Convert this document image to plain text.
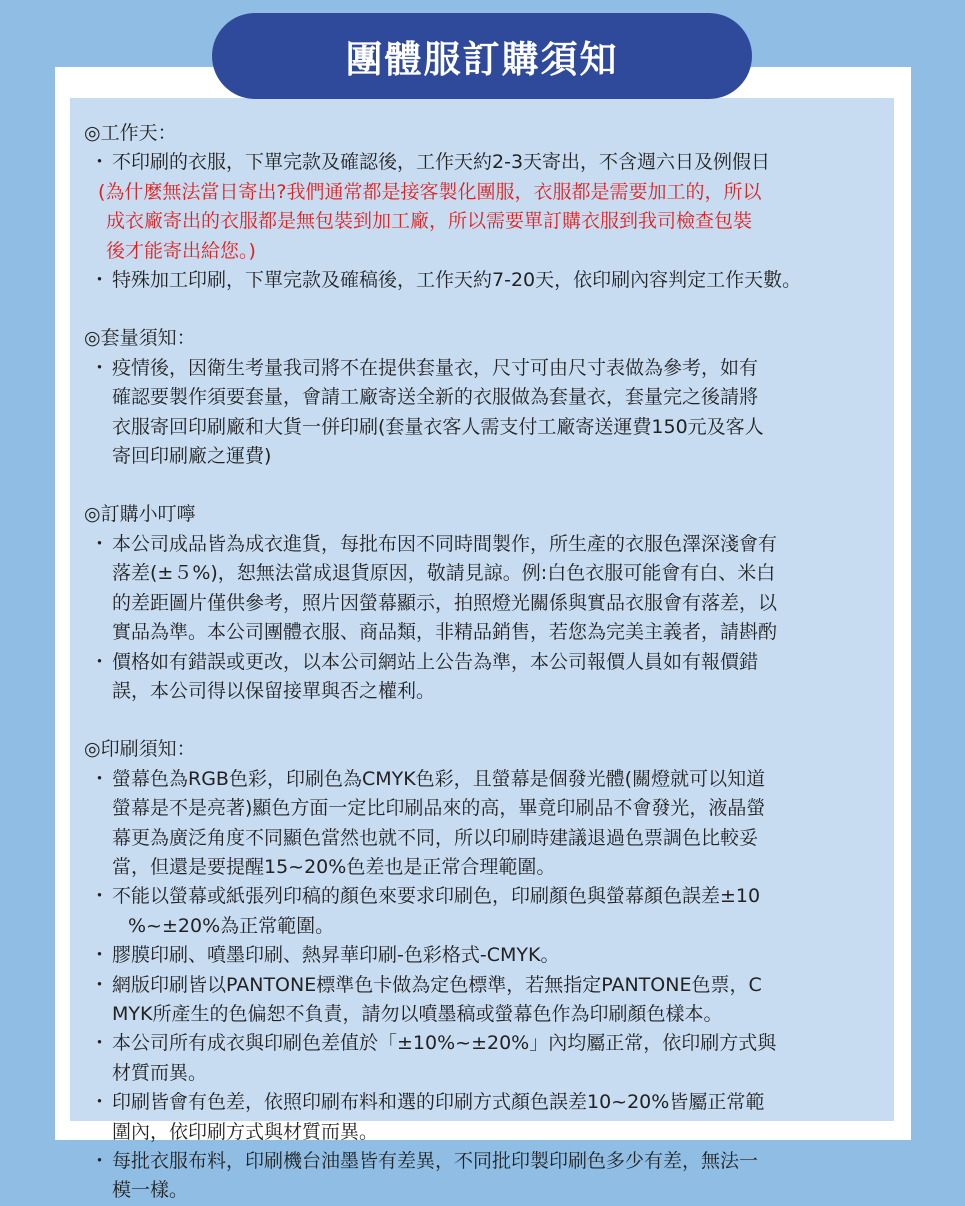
團體服訂購須知
◎工作天：
・ 不印刷的衣服，下單完款及確認後，工作天約2-3天寄出，不含週六日及例假日
(為什麼無法當日寄出?我們通常都是接客製化團服，衣服都是需要加工的，所以
成衣廠寄出的衣服都是無包裝到加工廠，所以需要單訂購衣服到我司檢查包裝
後才能寄出給您。)
・ 特殊加工印刷，下單完款及確稿後，工作天約7-20天，依印刷內容判定工作天數。
◎套量須知：
・ 疫情後，因衛生考量我司將不在提供套量衣，尺寸可由尺寸表做為參考，如有
確認要製作須要套量，會請工廠寄送全新的衣服做為套量衣，套量完之後請將
衣服寄回印刷廠和大貨一併印刷(套量衣客人需支付工廠寄送運費150元及客人
寄回印刷廠之運費)
◎訂購小叮嚀
・ 本公司成品皆為成衣進貨，每批布因不同時間製作，所生產的衣服色澤深淺會有
落差(±５%)，恕無法當成退貨原因，敬請見諒。例:白色衣服可能會有白、米白
的差距圖片僅供參考，照片因螢幕顯示，拍照燈光關係與實品衣服會有落差，以
實品為準。本公司團體衣服、商品類，非精品銷售，若您為完美主義者，請斟酌
・ 價格如有錯誤或更改，以本公司網站上公告為準，本公司報價人員如有報價錯
誤，本公司得以保留接單與否之權利。
◎印刷須知：
・ 螢幕色為RGB色彩，印刷色為CMYK色彩，且螢幕是個發光體(關燈就可以知道
螢幕是不是亮著)顯色方面一定比印刷品來的高，畢竟印刷品不會發光，液晶螢
幕更為廣泛角度不同顯色當然也就不同，所以印刷時建議退過色票調色比較妥
當，但還是要提醒15~20%色差也是正常合理範圍。
・ 不能以螢幕或紙張列印稿的顏色來要求印刷色，印刷顏色與螢幕顏色誤差±10
%~±20%為正常範圍。
・ 膠膜印刷、噴墨印刷、熱昇華印刷-色彩格式-CMYK。
・ 網版印刷皆以PANTONE標準色卡做為定色標準，若無指定PANTONE色票，C
MYK所產生的色偏恕不負責，請勿以噴墨稿或螢幕色作為印刷顏色樣本。
・ 本公司所有成衣與印刷色差值於「±10%~±20%」內均屬正常，依印刷方式與
材質而異。
・ 印刷皆會有色差，依照印刷布料和選的印刷方式顏色誤差10~20%皆屬正常範
圍內，依印刷方式與材質而異。
・ 每批衣服布料，印刷機台油墨皆有差異，不同批印製印刷色多少有差，無法一
模一樣。
